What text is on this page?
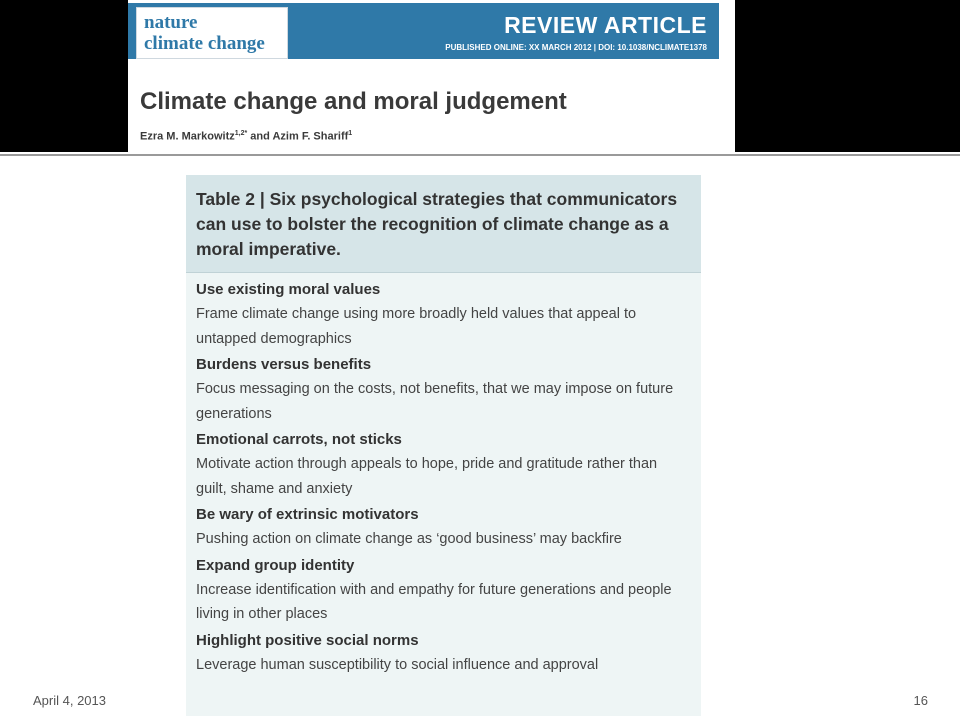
nature
climate change
REVIEW ARTICLE
PUBLISHED ONLINE: XX MARCH 2012 | DOI: 10.1038/NCLIMATE1378
Climate change and moral judgement
Ezra M. Markowitz$^{1,2*}$ and Azim F. Shariff$^1$

Table 2 | Six psychological strategies that communicators can use to bolster the recognition of climate change as a moral imperative.

Use existing moral values
Frame climate change using more broadly held values that appeal to untapped demographics
Burdens versus benefits
Focus messaging on the costs, not benefits, that we may impose on future generations
Emotional carrots, not sticks
Motivate action through appeals to hope, pride and gratitude rather than guilt, shame and anxiety
Be wary of extrinsic motivators
Pushing action on climate change as ‘good business’ may backfire
Expand group identity
Increase identification with and empathy for future generations and people living in other places
Highlight positive social norms
Leverage human susceptibility to social influence and approval
April 4, 2013	16
